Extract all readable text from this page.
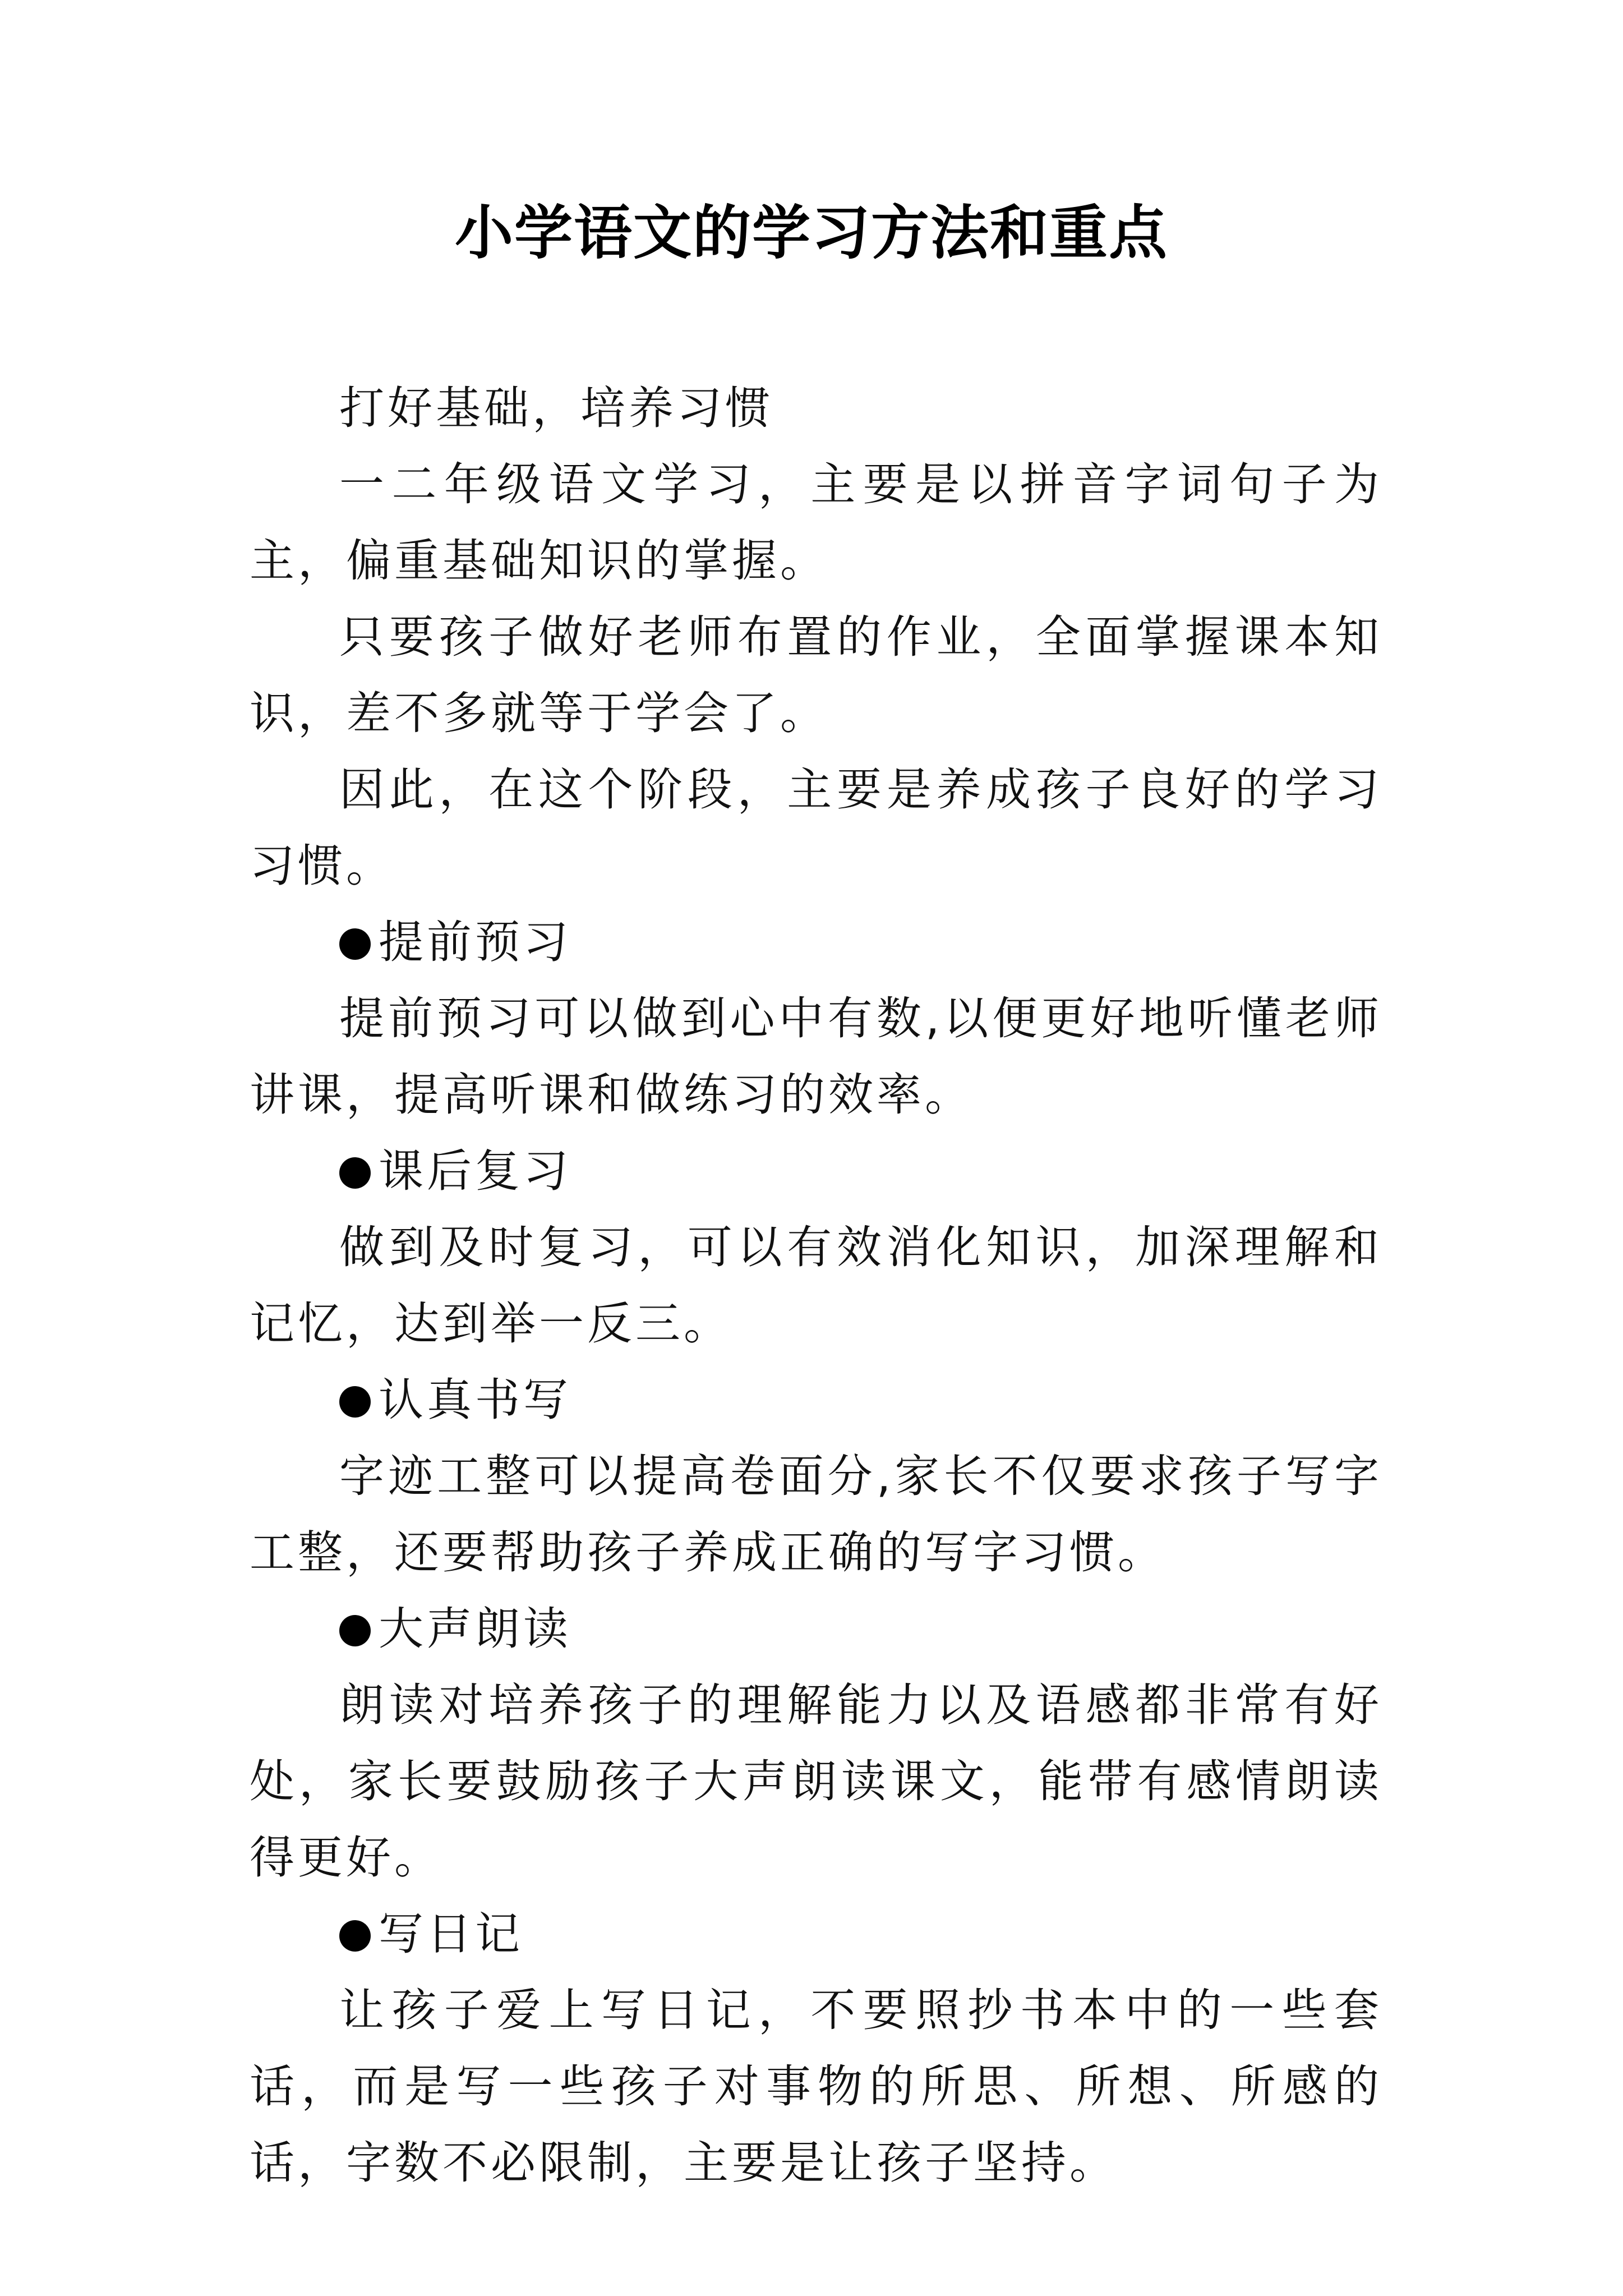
小学语文的学习方法和重点

打好基础，培养习惯

一二年级语文学习，主要是以拼音字词句子为主，偏重基础知识的掌握。

只要孩子做好老师布置的作业，全面掌握课本知识，差不多就等于学会了。

因此，在这个阶段，主要是养成孩子良好的学习习惯。

提前预习

提前预习可以做到心中有数,以便更好地听懂老师讲课，提高听课和做练习的效率。

课后复习

做到及时复习，可以有效消化知识，加深理解和记忆，达到举一反三。

认真书写

字迹工整可以提高卷面分,家长不仅要求孩子写字工整，还要帮助孩子养成正确的写字习惯。

大声朗读

朗读对培养孩子的理解能力以及语感都非常有好处，家长要鼓励孩子大声朗读课文，能带有感情朗读得更好。

写日记

让孩子爱上写日记，不要照抄书本中的一些套话，而是写一些孩子对事物的所思、所想、所感的话，字数不必限制，主要是让孩子坚持。
